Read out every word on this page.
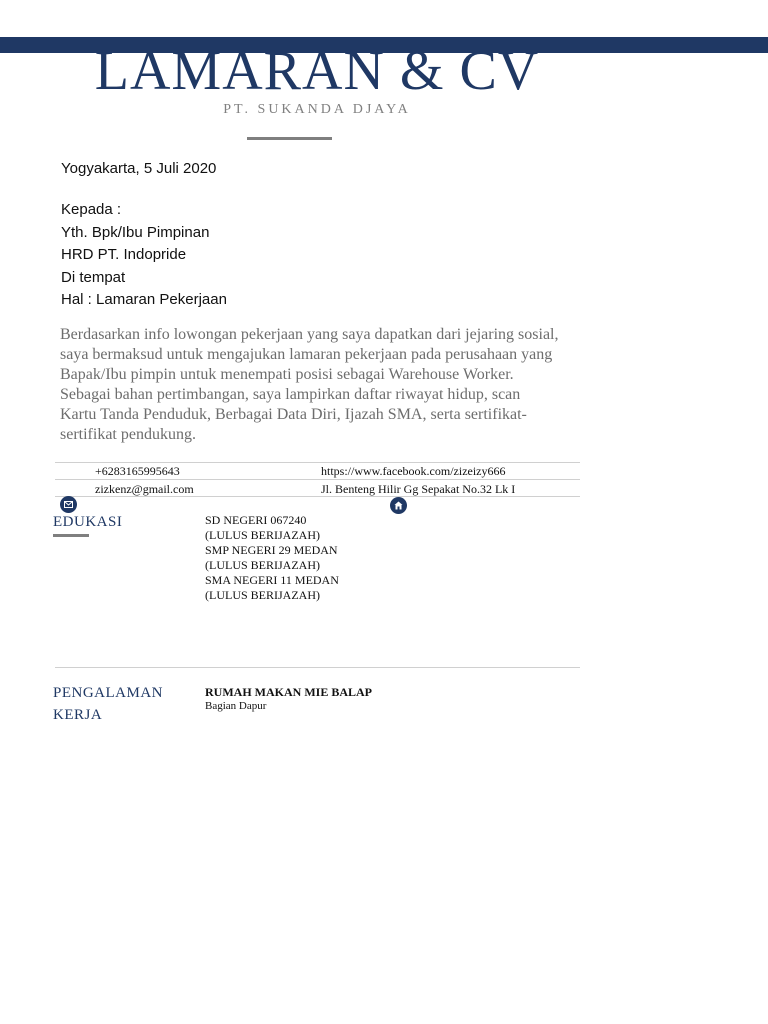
LAMARAN & CV
PT. SUKANDA DJAYA
Yogyakarta, 5 Juli 2020
Kepada :
Yth. Bpk/Ibu Pimpinan
HRD PT. Indopride
Di tempat
Hal : Lamaran Pekerjaan
Berdasarkan info lowongan pekerjaan yang saya dapatkan dari jejaring sosial, saya bermaksud untuk mengajukan lamaran pekerjaan pada perusahaan yang Bapak/Ibu pimpin untuk menempati posisi sebagai Warehouse Worker. Sebagai bahan pertimbangan, saya lampirkan daftar riwayat hidup, scan Kartu Tanda Penduduk, Berbagai Data Diri, Ijazah SMA, serta sertifikat-sertifikat pendukung.
+6283165995643	https://www.facebook.com/zizeizy666
zizkenz@gmail.com	Jl. Benteng Hilir Gg Sepakat No.32 Lk I
EDUKASI	SD NEGERI 067240
(LULUS BERIJAZAH)
SMP NEGERI 29 MEDAN
(LULUS BERIJAZAH)
SMA NEGERI 11 MEDAN
(LULUS BERIJAZAH)
PENGALAMAN
KERJA
RUMAH MAKAN MIE BALAP
Bagian Dapur
